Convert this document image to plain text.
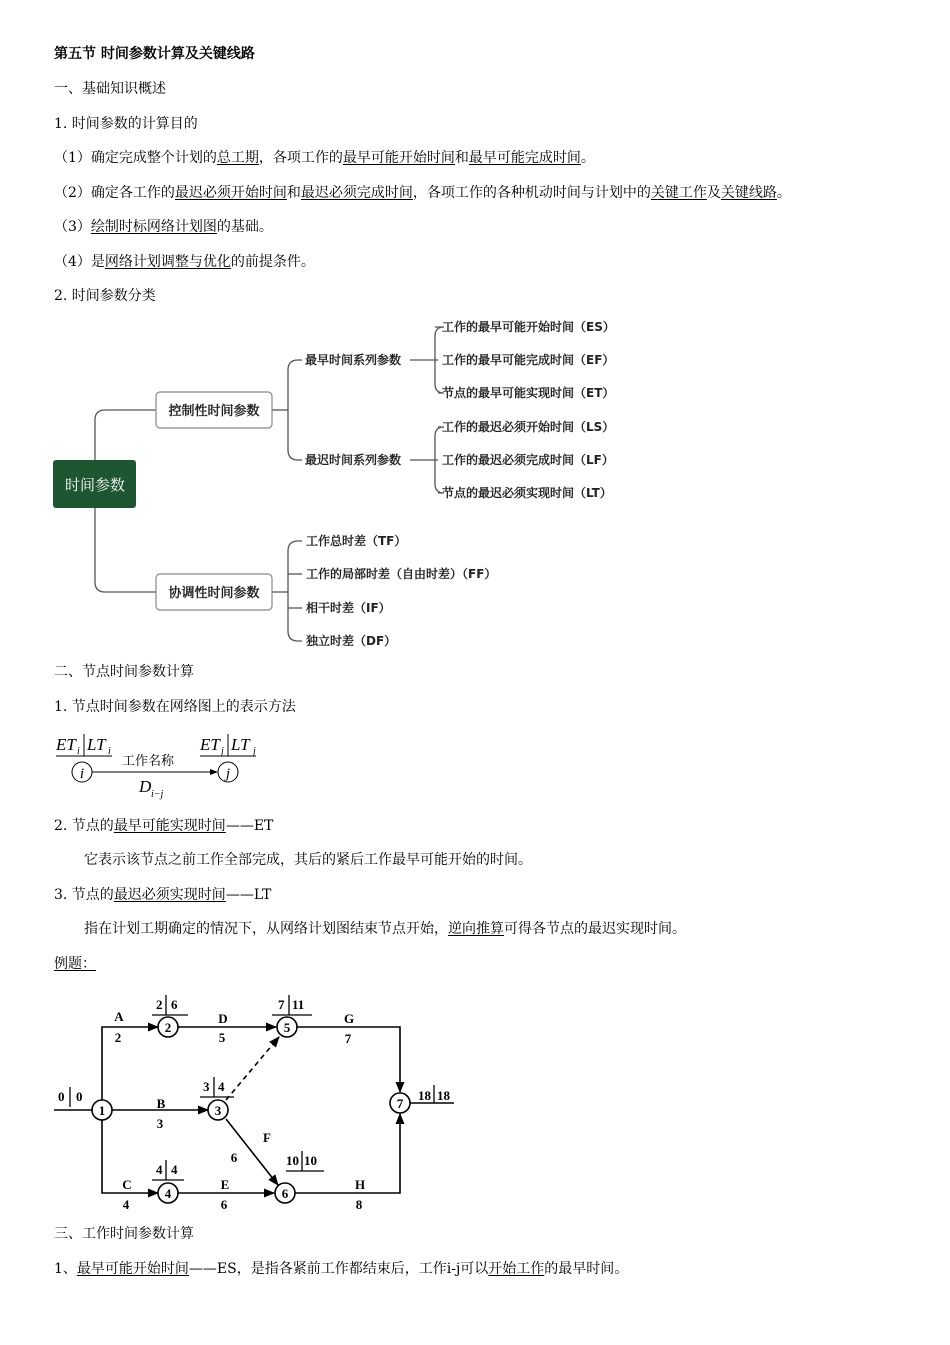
第五节 时间参数计算及关键线路
一、基础知识概述
1. 时间参数的计算目的
（1）确定完成整个计划的总工期，各项工作的最早可能开始时间和最早可能完成时间。
（2）确定各工作的最迟必须开始时间和最迟必须完成时间，各项工作的各种机动时间与计划中的关键工作及关键线路。
（3）绘制时标网络计划图的基础。
（4）是网络计划调整与优化的前提条件。
2. 时间参数分类
时间参数
控制性时间参数
协调性时间参数
最早时间系列参数
最迟时间系列参数
工作的最早可能开始时间（ES）
工作的最早可能完成时间（EF）
节点的最早可能实现时间（ET）
工作的最迟必须开始时间（LS）
工作的最迟必须完成时间（LF）
节点的最迟必须实现时间（LT）
工作总时差（TF）
工作的局部时差（自由时差）（FF）
相干时差（IF）
独立时差（DF）
二、节点时间参数计算
1. 节点时间参数在网络图上的表示方法
ET i LT i	ET j LT j
i	j
工作名称
D i−j
2. 节点的最早可能实现时间——ET
它表示该节点之前工作全部完成，其后的紧后工作最早可能开始的时间。
3. 节点的最迟必须实现时间——LT
指在计划工期确定的情况下，从网络计划图结束节点开始，逆向推算可得各节点的最迟实现时间。
例题：
1
2
3
4
5
6
7
0 0
2 6
3 4
4 4
7 11
10 10
18 18
A
2
B
3
C
4
D
5
E
6
F
6
G
7
H
8
三、工作时间参数计算
1、最早可能开始时间——ES，是指各紧前工作都结束后，工作i-j可以开始工作的最早时间。
